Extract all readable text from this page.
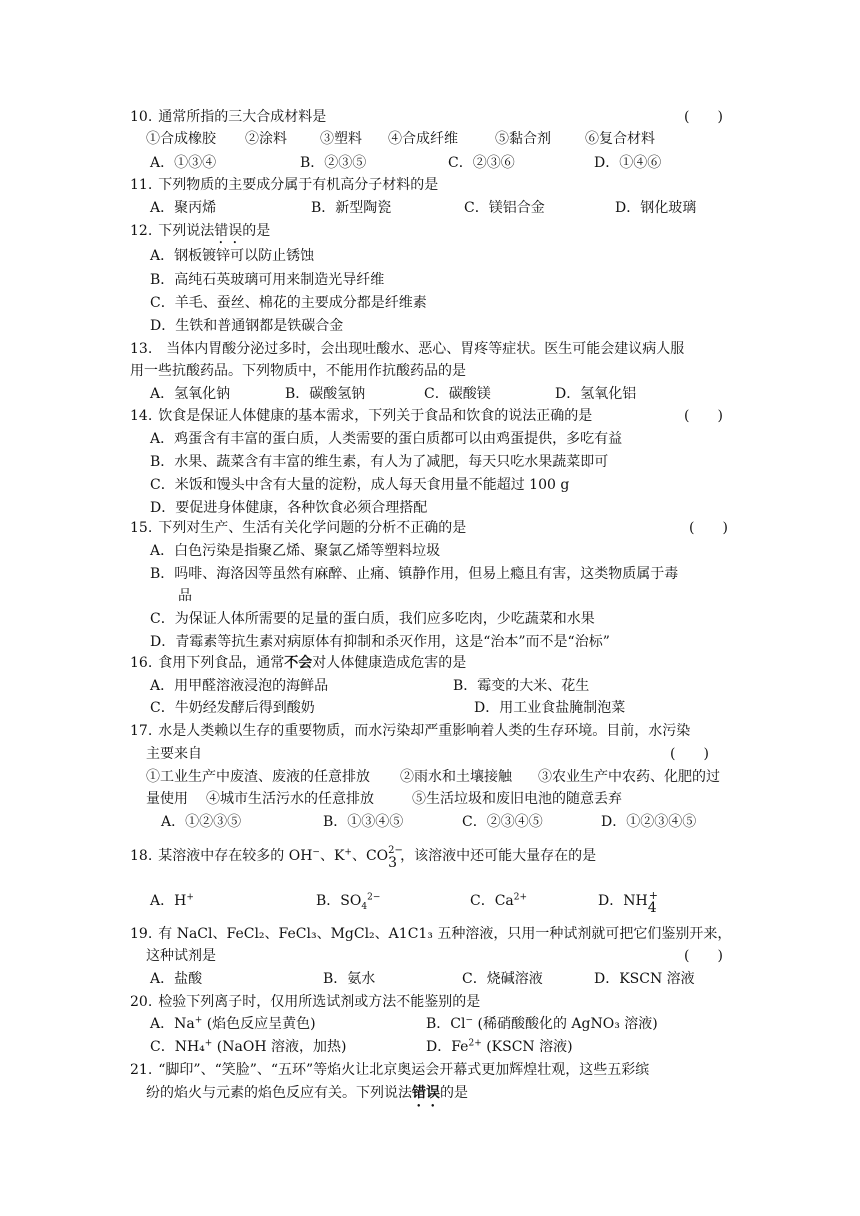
10. 通常所指的三大合成材料是	(　　)
①合成橡胶 ②涂料 ③塑料 ④合成纤维	⑤黏合剂 ⑥复合材料
A．①③④	B．②③⑤	C．②③⑥	D．①④⑥
11. 下列物质的主要成分属于有机高分子材料的是
A．聚丙烯	B．新型陶瓷	C．镁铝合金	D．钢化玻璃
12. 下列说法错误的是
A．钢板镀锌可以防止锈蚀
B．高纯石英玻璃可用来制造光导纤维
C．羊毛、蚕丝、棉花的主要成分都是纤维素
D．生铁和普通钢都是铁碳合金
13. 当体内胃酸分泌过多时，会出现吐酸水、恶心、胃疼等症状。医生可能会建议病人服
用一些抗酸药品。下列物质中，不能用作抗酸药品的是
A．氢氧化钠	B．碳酸氢钠	C．碳酸镁	D．氢氧化铝
14. 饮食是保证人体健康的基本需求，下列关于食品和饮食的说法正确的是	(　　)
A．鸡蛋含有丰富的蛋白质，人类需要的蛋白质都可以由鸡蛋提供，多吃有益
B．水果、蔬菜含有丰富的维生素，有人为了减肥，每天只吃水果蔬菜即可
C．米饭和馒头中含有大量的淀粉，成人每天食用量不能超过 100 g
D．要促进身体健康，各种饮食必须合理搭配
15. 下列对生产、生活有关化学问题的分析不正确的是	(　　)
A．白色污染是指聚乙烯、聚氯乙烯等塑料垃圾
B．吗啡、海洛因等虽然有麻醉、止痛、镇静作用，但易上瘾且有害，这类物质属于毒
品
C．为保证人体所需要的足量的蛋白质，我们应多吃肉，少吃蔬菜和水果
D．青霉素等抗生素对病原体有抑制和杀灭作用，这是“治本”而不是“治标”
16. 食用下列食品，通常不会对人体健康造成危害的是
A．用甲醛溶液浸泡的海鲜品	B．霉变的大米、花生
C．牛奶经发酵后得到酸奶	D．用工业食盐腌制泡菜
17. 水是人类赖以生存的重要物质，而水污染却严重影响着人类的生存环境。目前，水污染
主要来自	(　　)
①工业生产中废渣、废液的任意排放 ②雨水和土壤接触 ③农业生产中农药、化肥的过
量使用 ④城市生活污水的任意排放	⑤生活垃圾和废旧电池的随意丢弃
A．①②③⑤	B．①③④⑤	C．②③④⑤	D．①②③④⑤
18. 某溶液中存在较多的 OH−、K+、CO 2−
3 ，该溶液中还可能大量存在的是
A．H+	B．$SO_4^{2-}$	C．$Ca^{2+}$	D．NH +
4
19. 有 NaCl、FeCl₂、FeCl₃、MgCl₂、A1C1₃ 五种溶液，只用一种试剂就可把它们鉴别开来，
这种试剂是	(　　)
A．盐酸	B．氨水	C．烧碱溶液	D．KSCN 溶液
20. 检验下列离子时，仅用所选试剂或方法不能鉴别的是
A．Na+ (焰色反应呈黄色)	B．Cl− (稀硝酸酸化的 AgNO₃ 溶液)
C．NH₄+ (NaOH 溶液，加热)	D．$Fe^{2+}$ (KSCN 溶液)
21. “脚印”、“笑脸”、“五环”等焰火让北京奥运会开幕式更加辉煌壮观，这些五彩缤
纷的焰火与元素的焰色反应有关。下列说法错误的是
